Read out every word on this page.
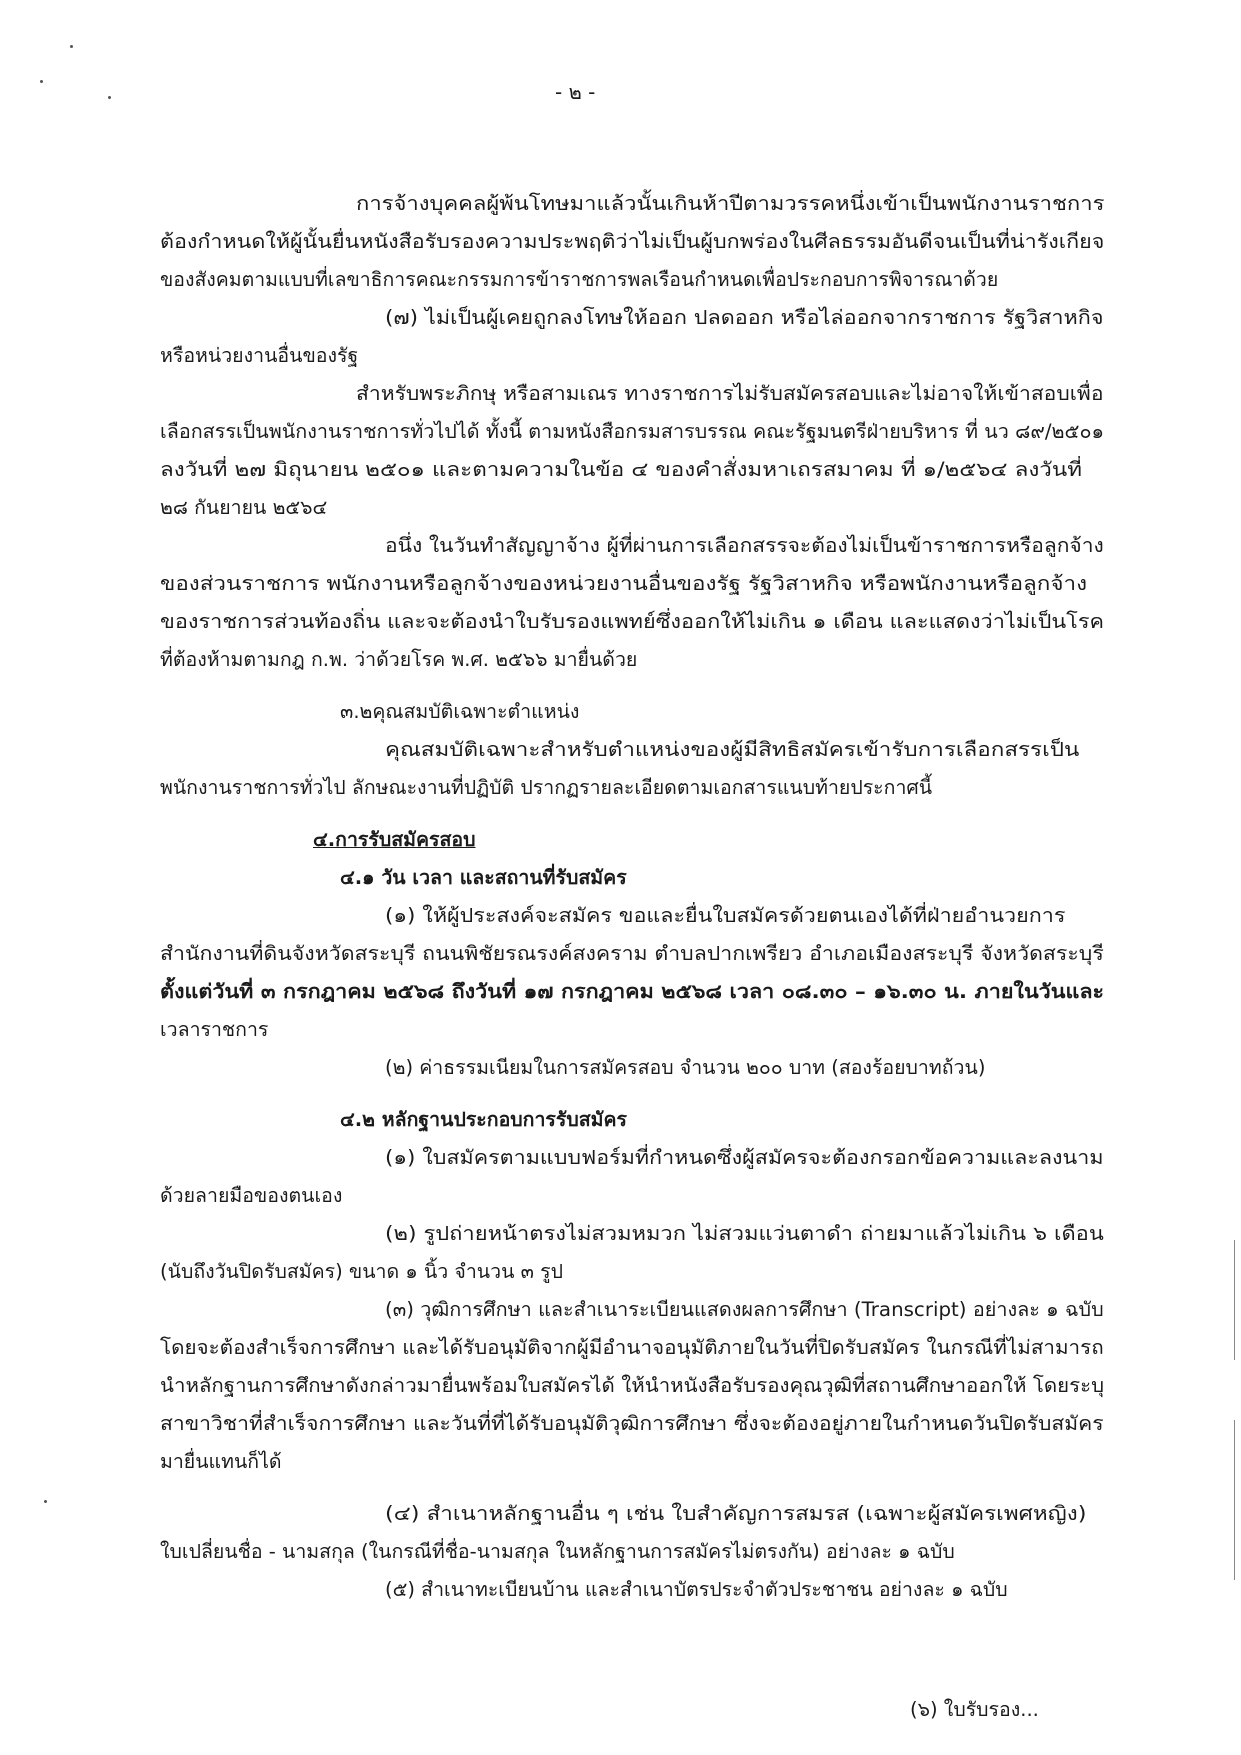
- ๒ -
การจ้างบุคคลผู้พ้นโทษมาแล้วนั้นเกินห้าปีตามวรรคหนึ่งเข้าเป็นพนักงานราชการ
ต้องกำหนดให้ผู้นั้นยื่นหนังสือรับรองความประพฤติว่าไม่เป็นผู้บกพร่องในศีลธรรมอันดีจนเป็นที่น่ารังเกียจ
ของสังคมตามแบบที่เลขาธิการคณะกรรมการข้าราชการพลเรือนกำหนดเพื่อประกอบการพิจารณาด้วย
(๗) ไม่เป็นผู้เคยถูกลงโทษให้ออก ปลดออก หรือไล่ออกจากราชการ รัฐวิสาหกิจ
หรือหน่วยงานอื่นของรัฐ
สำหรับพระภิกษุ หรือสามเณร ทางราชการไม่รับสมัครสอบและไม่อาจให้เข้าสอบเพื่อ
เลือกสรรเป็นพนักงานราชการทั่วไปได้ ทั้งนี้ ตามหนังสือกรมสารบรรณ คณะรัฐมนตรีฝ่ายบริหาร ที่ นว ๘๙/๒๕๐๑
ลงวันที่ ๒๗ มิถุนายน ๒๕๐๑ และตามความในข้อ ๔ ของคำสั่งมหาเถรสมาคม ที่ ๑/๒๕๖๔ ลงวันที่
๒๘ กันยายน ๒๕๖๔
อนึ่ง ในวันทำสัญญาจ้าง ผู้ที่ผ่านการเลือกสรรจะต้องไม่เป็นข้าราชการหรือลูกจ้าง
ของส่วนราชการ พนักงานหรือลูกจ้างของหน่วยงานอื่นของรัฐ รัฐวิสาหกิจ หรือพนักงานหรือลูกจ้าง
ของราชการส่วนท้องถิ่น และจะต้องนำใบรับรองแพทย์ซึ่งออกให้ไม่เกิน ๑ เดือน และแสดงว่าไม่เป็นโรค
ที่ต้องห้ามตามกฎ ก.พ. ว่าด้วยโรค พ.ศ. ๒๕๖๖ มายื่นด้วย
๓.๒คุณสมบัติเฉพาะตำแหน่ง
คุณสมบัติเฉพาะสำหรับตำแหน่งของผู้มีสิทธิสมัครเข้ารับการเลือกสรรเป็น
พนักงานราชการทั่วไป ลักษณะงานที่ปฏิบัติ ปรากฏรายละเอียดตามเอกสารแนบท้ายประกาศนี้
๔.การรับสมัครสอบ
๔.๑ วัน เวลา และสถานที่รับสมัคร
(๑) ให้ผู้ประสงค์จะสมัคร ขอและยื่นใบสมัครด้วยตนเองได้ที่ฝ่ายอำนวยการ
สำนักงานที่ดินจังหวัดสระบุรี ถนนพิชัยรณรงค์สงคราม ตำบลปากเพรียว อำเภอเมืองสระบุรี จังหวัดสระบุรี
ตั้งแต่วันที่ ๓ กรกฎาคม ๒๕๖๘ ถึงวันที่ ๑๗ กรกฎาคม ๒๕๖๘ เวลา ๐๘.๓๐ – ๑๖.๓๐ น. ภายในวันและ
เวลาราชการ
(๒) ค่าธรรมเนียมในการสมัครสอบ จำนวน ๒๐๐ บาท (สองร้อยบาทถ้วน)
๔.๒ หลักฐานประกอบการรับสมัคร
(๑) ใบสมัครตามแบบฟอร์มที่กำหนดซึ่งผู้สมัครจะต้องกรอกข้อความและลงนาม
ด้วยลายมือของตนเอง
(๒) รูปถ่ายหน้าตรงไม่สวมหมวก ไม่สวมแว่นตาดำ ถ่ายมาแล้วไม่เกิน ๖ เดือน
(นับถึงวันปิดรับสมัคร) ขนาด ๑ นิ้ว จำนวน ๓ รูป
(๓) วุฒิการศึกษา และสำเนาระเบียนแสดงผลการศึกษา (Transcript) อย่างละ ๑ ฉบับ
โดยจะต้องสำเร็จการศึกษา และได้รับอนุมัติจากผู้มีอำนาจอนุมัติภายในวันที่ปิดรับสมัคร ในกรณีที่ไม่สามารถ
นำหลักฐานการศึกษาดังกล่าวมายื่นพร้อมใบสมัครได้ ให้นำหนังสือรับรองคุณวุฒิที่สถานศึกษาออกให้ โดยระบุ
สาขาวิชาที่สำเร็จการศึกษา และวันที่ที่ได้รับอนุมัติวุฒิการศึกษา ซึ่งจะต้องอยู่ภายในกำหนดวันปิดรับสมัคร
มายื่นแทนก็ได้
(๔) สำเนาหลักฐานอื่น ๆ เช่น ใบสำคัญการสมรส (เฉพาะผู้สมัครเพศหญิง)
ใบเปลี่ยนชื่อ - นามสกุล (ในกรณีที่ชื่อ-นามสกุล ในหลักฐานการสมัครไม่ตรงกัน) อย่างละ ๑ ฉบับ
(๕) สำเนาทะเบียนบ้าน และสำเนาบัตรประจำตัวประชาชน อย่างละ ๑ ฉบับ
(๖) ใบรับรอง...
